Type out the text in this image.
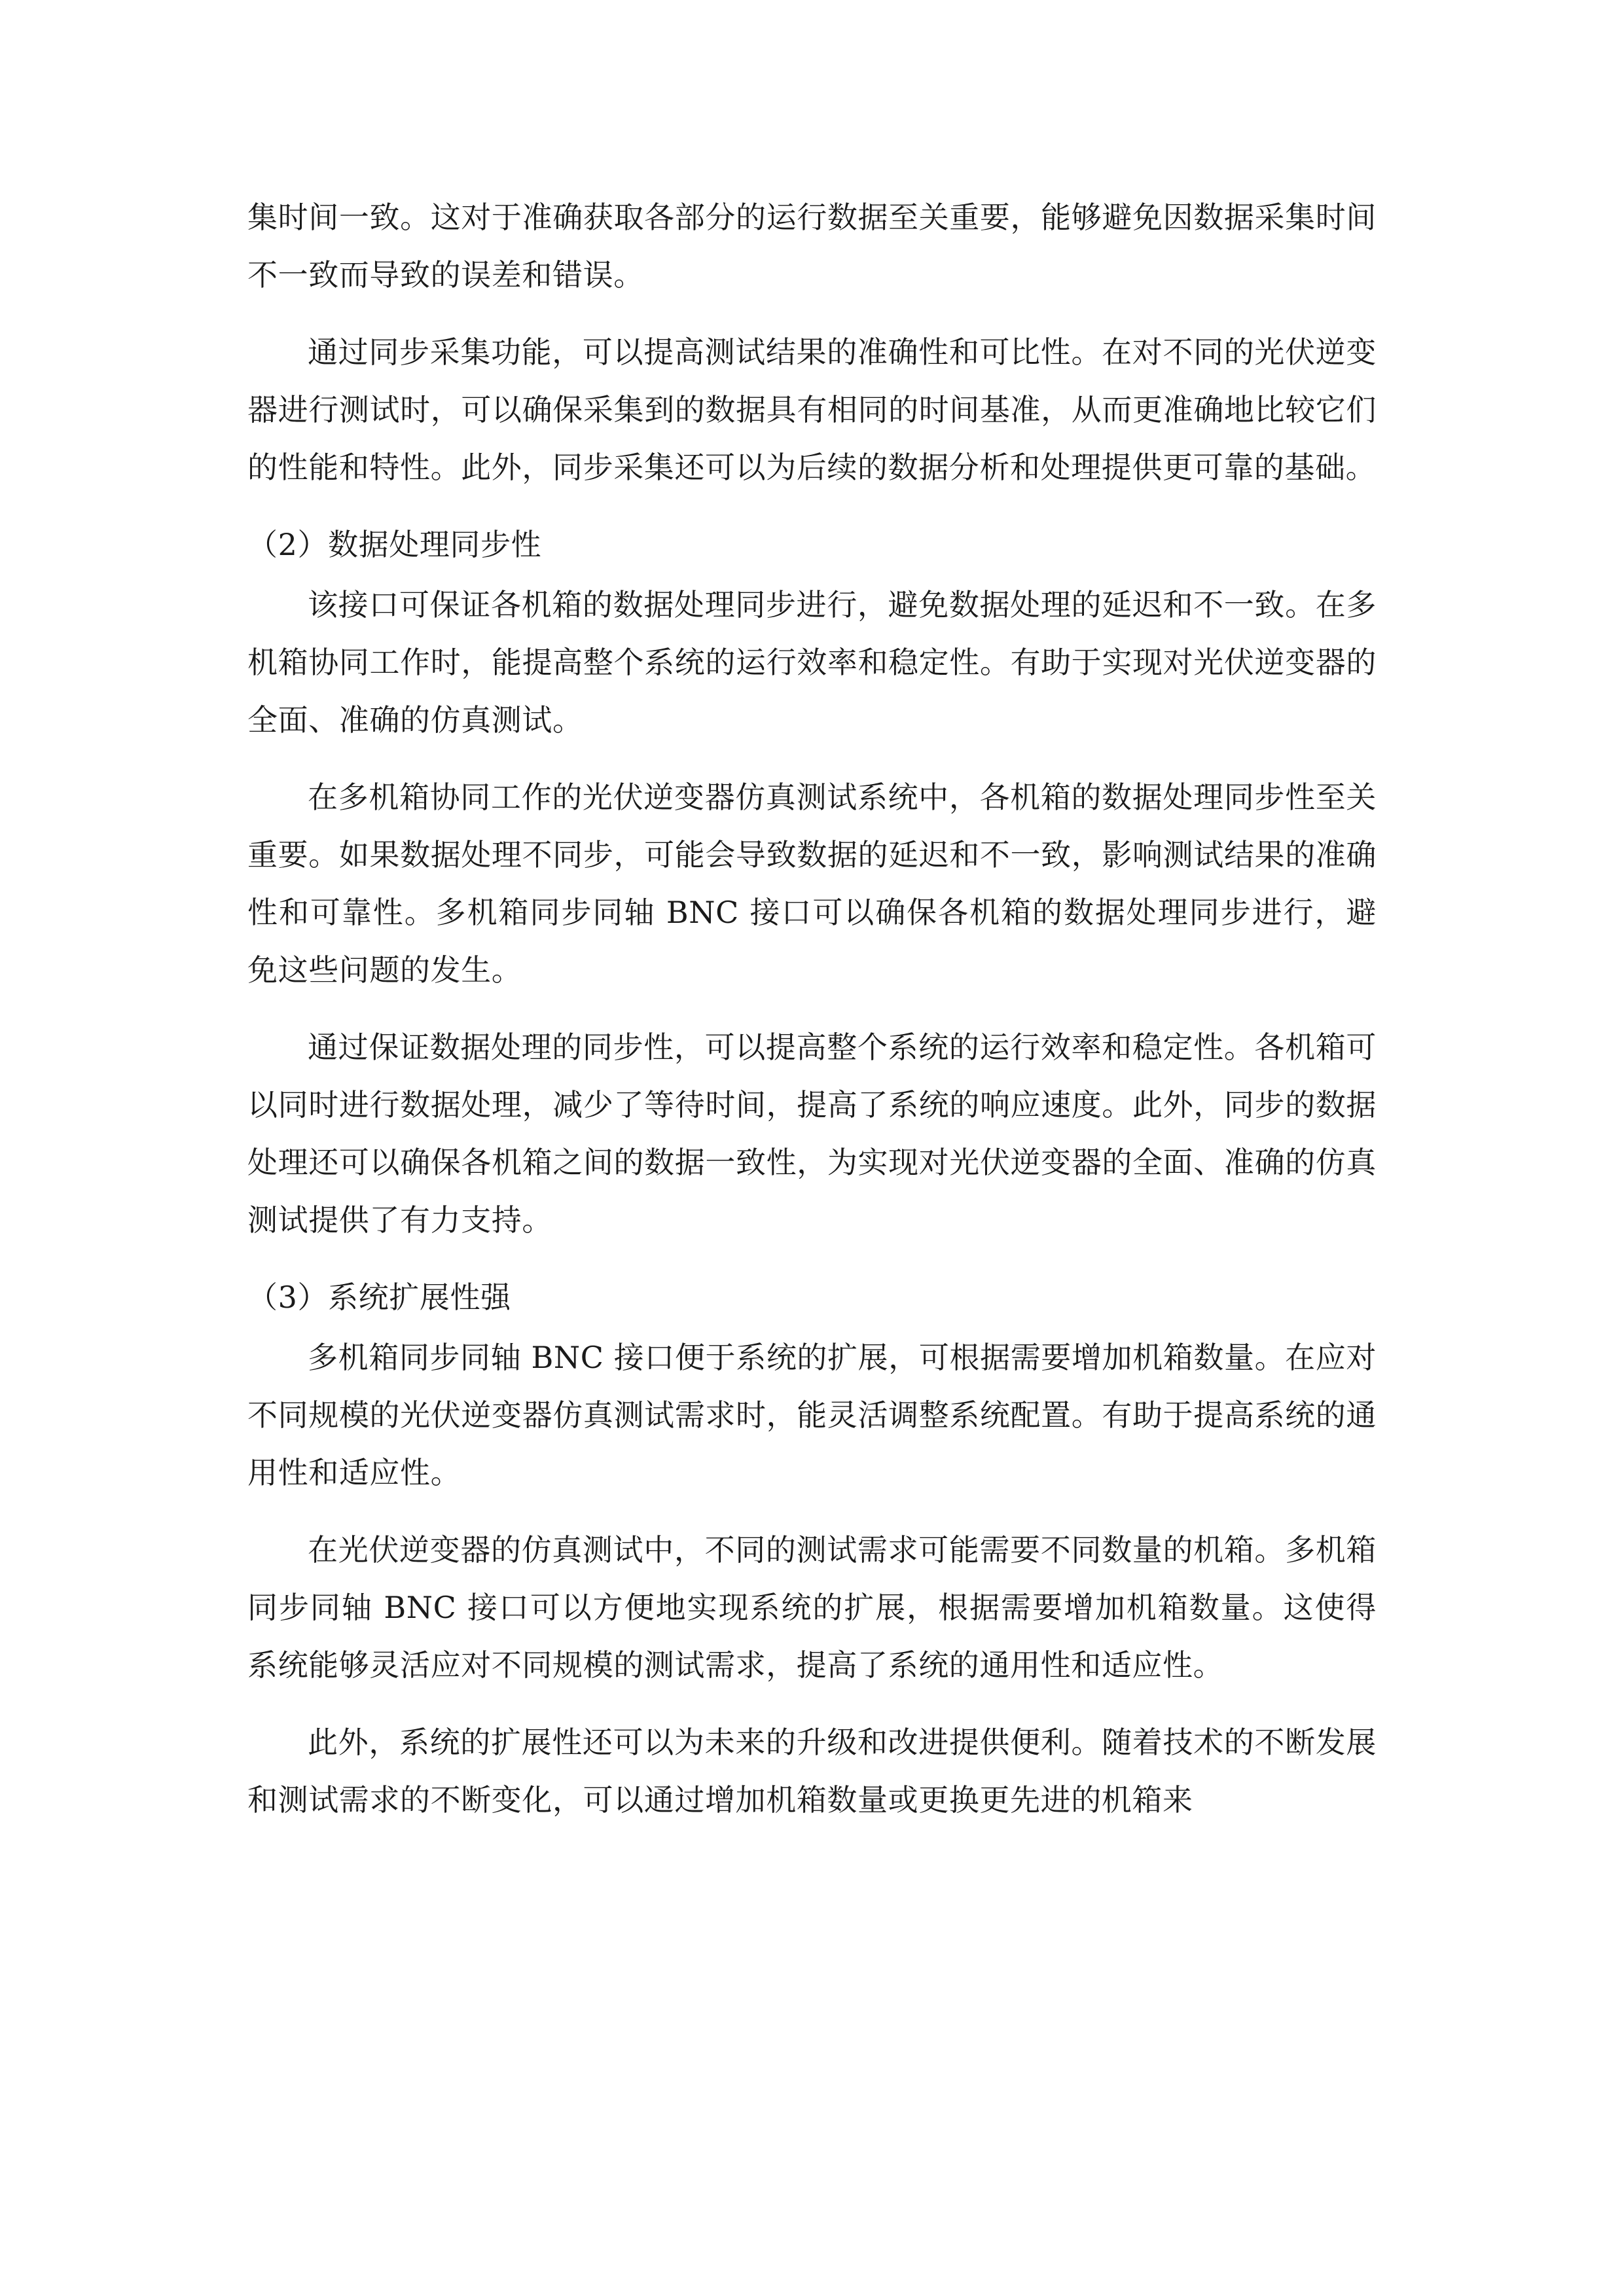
集时间一致。这对于准确获取各部分的运行数据至关重要，能够避免因数据采集时间不一致而导致的误差和错误。

通过同步采集功能，可以提高测试结果的准确性和可比性。在对不同的光伏逆变器进行测试时，可以确保采集到的数据具有相同的时间基准，从而更准确地比较它们的性能和特性。此外，同步采集还可以为后续的数据分析和处理提供更可靠的基础。

（2）数据处理同步性

该接口可保证各机箱的数据处理同步进行，避免数据处理的延迟和不一致。在多机箱协同工作时，能提高整个系统的运行效率和稳定性。有助于实现对光伏逆变器的全面、准确的仿真测试。

在多机箱协同工作的光伏逆变器仿真测试系统中，各机箱的数据处理同步性至关重要。如果数据处理不同步，可能会导致数据的延迟和不一致，影响测试结果的准确性和可靠性。多机箱同步同轴 BNC 接口可以确保各机箱的数据处理同步进行，避免这些问题的发生。

通过保证数据处理的同步性，可以提高整个系统的运行效率和稳定性。各机箱可以同时进行数据处理，减少了等待时间，提高了系统的响应速度。此外，同步的数据处理还可以确保各机箱之间的数据一致性，为实现对光伏逆变器的全面、准确的仿真测试提供了有力支持。

（3）系统扩展性强

多机箱同步同轴 BNC 接口便于系统的扩展，可根据需要增加机箱数量。在应对不同规模的光伏逆变器仿真测试需求时，能灵活调整系统配置。有助于提高系统的通用性和适应性。

在光伏逆变器的仿真测试中，不同的测试需求可能需要不同数量的机箱。多机箱同步同轴 BNC 接口可以方便地实现系统的扩展，根据需要增加机箱数量。这使得系统能够灵活应对不同规模的测试需求，提高了系统的通用性和适应性。

此外，系统的扩展性还可以为未来的升级和改进提供便利。随着技术的不断发展和测试需求的不断变化，可以通过增加机箱数量或更换更先进的机箱来
